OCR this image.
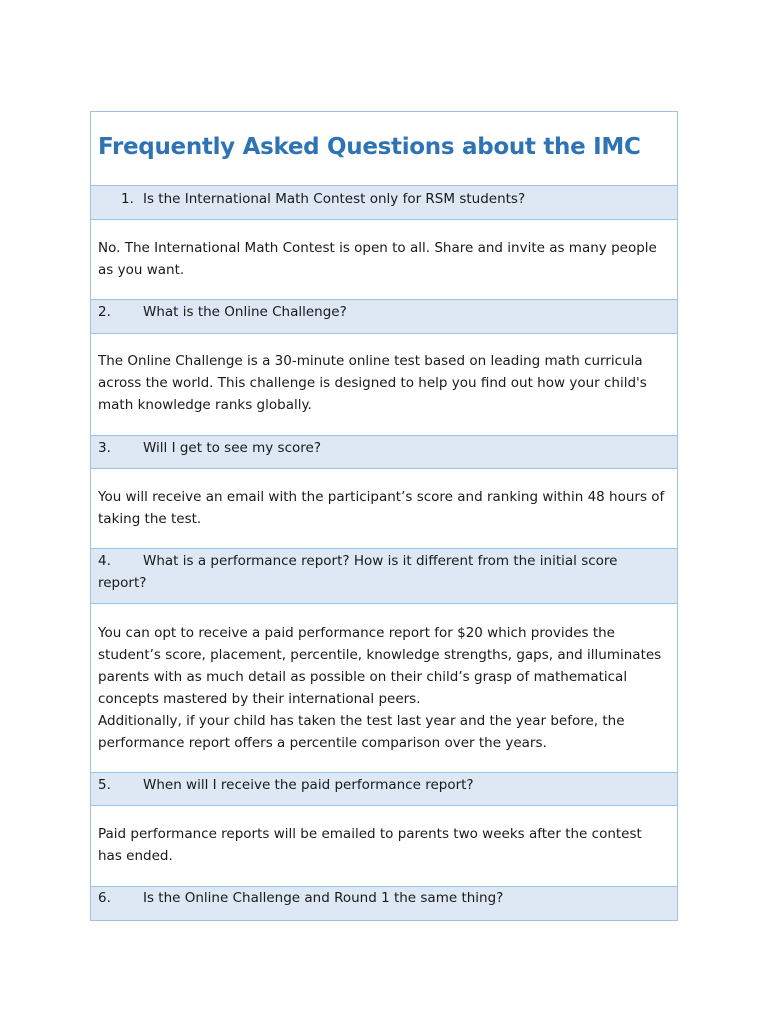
Frequently Asked Questions about the IMC
1. Is the International Math Contest only for RSM students?

No. The International Math Contest is open to all. Share and invite as many people as you want.

2. What is the Online Challenge?

The Online Challenge is a 30-minute online test based on leading math curricula across the world. This challenge is designed to help you find out how your child's math knowledge ranks globally.

3. Will I get to see my score?

You will receive an email with the participant’s score and ranking within 48 hours of taking the test.

4. What is a performance report? How is it different from the initial score report?

You can opt to receive a paid performance report for $20 which provides the student’s score, placement, percentile, knowledge strengths, gaps, and illuminates parents with as much detail as possible on their child’s grasp of mathematical concepts mastered by their international peers.

Additionally, if your child has taken the test last year and the year before, the performance report offers a percentile comparison over the years.

5. When will I receive the paid performance report?

Paid performance reports will be emailed to parents two weeks after the contest has ended.

6. Is the Online Challenge and Round 1 the same thing?
